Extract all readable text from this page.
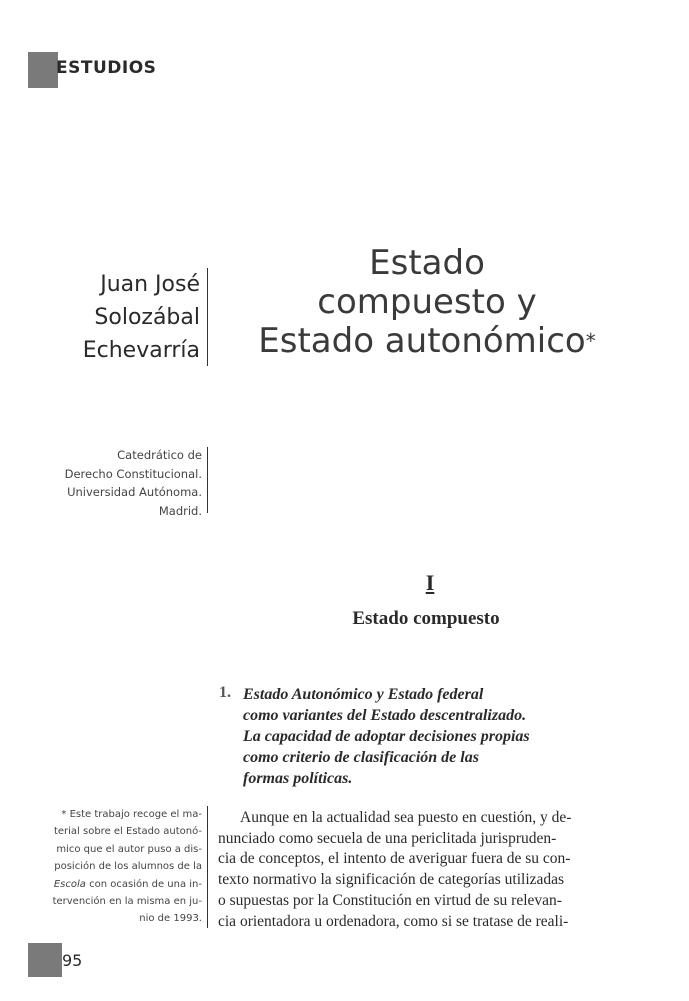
ESTUDIOS
Juan José
Solozábal
Echevarría
Estado
compuesto y
Estado autonómico*
Catedrático de
Derecho Constitucional.
Universidad Autónoma.
Madrid.
I
Estado compuesto
1. Estado Autonómico y Estado federal
como variantes del Estado descentralizado.
La capacidad de adoptar decisiones propias
como criterio de clasificación de las
formas políticas.
Aunque en la actualidad sea puesto en cuestión, y de-
nunciado como secuela de una periclitada jurispruden-
cia de conceptos, el intento de averiguar fuera de su con-
texto normativo la significación de categorías utilizadas
o supuestas por la Constitución en virtud de su relevan-
cia orientadora u ordenadora, como si se tratase de reali-
* Este trabajo recoge el ma-
terial sobre el Estado autonó-
mico que el autor puso a dis-
posición de los alumnos de la
Escola con ocasión de una in-
tervención en la misma en ju-
nio de 1993.
95
